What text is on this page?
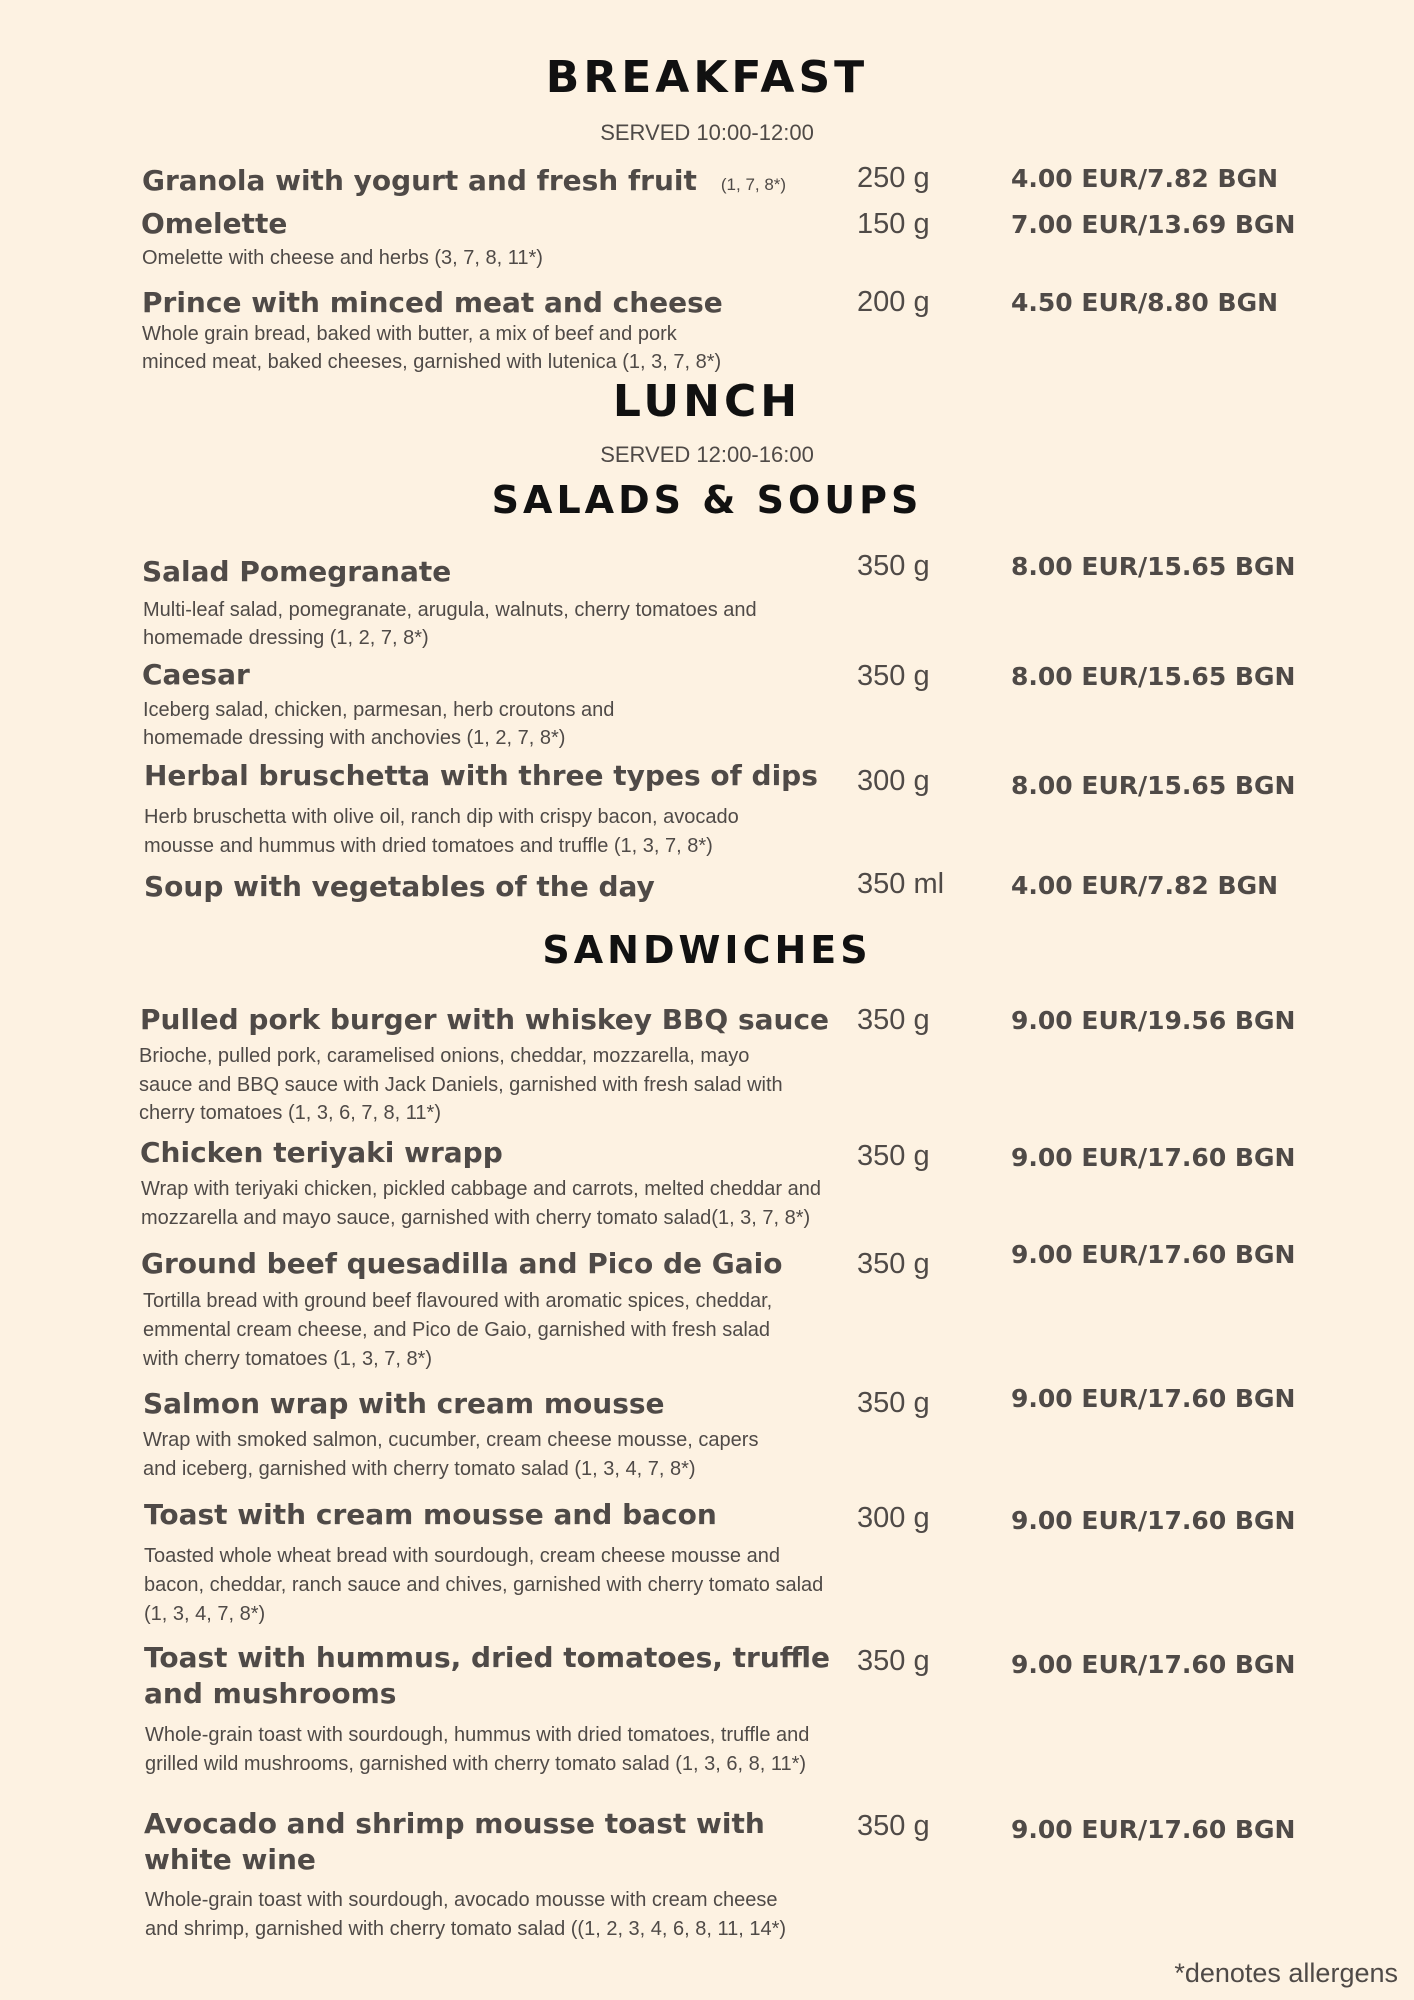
BREAKFAST
SERVED 10:00-12:00
Granola with yogurt and fresh fruit (1, 7, 8*) 250 g	4.00 EUR/7.82 BGN
Omelette
Omelette with cheese and herbs (3, 7, 8, 11*)
150 g	7.00 EUR/13.69 BGN
Prince with minced meat and cheese
Whole grain bread, baked with butter, a mix of beef and pork
minced meat, baked cheeses, garnished with lutenica (1, 3, 7, 8*)
200 g	4.50 EUR/8.80 BGN
LUNCH
SERVED 12:00-16:00
SALADS & SOUPS
Salad Pomegranate
Multi-leaf salad, pomegranate, arugula, walnuts, cherry tomatoes and
homemade dressing (1, 2, 7, 8*)
350 g	8.00 EUR/15.65 BGN
Caesar
Iceberg salad, chicken, parmesan, herb croutons and
homemade dressing with anchovies (1, 2, 7, 8*)
350 g	8.00 EUR/15.65 BGN
Herbal bruschetta with three types of dips
Herb bruschetta with olive oil, ranch dip with crispy bacon, avocado
mousse and hummus with dried tomatoes and truffle (1, 3, 7, 8*)
300 g	8.00 EUR/15.65 BGN
Soup with vegetables of the day	350 ml	4.00 EUR/7.82 BGN
SANDWICHES
Pulled pork burger with whiskey BBQ sauce
Brioche, pulled pork, caramelised onions, cheddar, mozzarella, mayo
sauce and BBQ sauce with Jack Daniels, garnished with fresh salad with
cherry tomatoes (1, 3, 6, 7, 8, 11*)
350 g	9.00 EUR/19.56 BGN
Chicken teriyaki wrapp
Wrap with teriyaki chicken, pickled cabbage and carrots, melted cheddar and
mozzarella and mayo sauce, garnished with cherry tomato salad(1, 3, 7, 8*)
350 g	9.00 EUR/17.60 BGN
Ground beef quesadilla and Pico de Gaio
Tortilla bread with ground beef flavoured with aromatic spices, cheddar,
emmental cream cheese, and Pico de Gaio, garnished with fresh salad
with cherry tomatoes (1, 3, 7, 8*)
350 g	9.00 EUR/17.60 BGN
Salmon wrap with cream mousse
Wrap with smoked salmon, cucumber, cream cheese mousse, capers
and iceberg, garnished with cherry tomato salad (1, 3, 4, 7, 8*)
350 g	9.00 EUR/17.60 BGN
Toast with cream mousse and bacon
Toasted whole wheat bread with sourdough, cream cheese mousse and
bacon, cheddar, ranch sauce and chives, garnished with cherry tomato salad
(1, 3, 4, 7, 8*)
300 g	9.00 EUR/17.60 BGN
Toast with hummus, dried tomatoes, truffle
and mushrooms
Whole-grain toast with sourdough, hummus with dried tomatoes, truffle and
grilled wild mushrooms, garnished with cherry tomato salad (1, 3, 6, 8, 11*)
350 g	9.00 EUR/17.60 BGN
Avocado and shrimp mousse toast with
white wine
Whole-grain toast with sourdough, avocado mousse with cream cheese
and shrimp, garnished with cherry tomato salad ((1, 2, 3, 4, 6, 8, 11, 14*)
350 g	9.00 EUR/17.60 BGN
*denotes allergens
